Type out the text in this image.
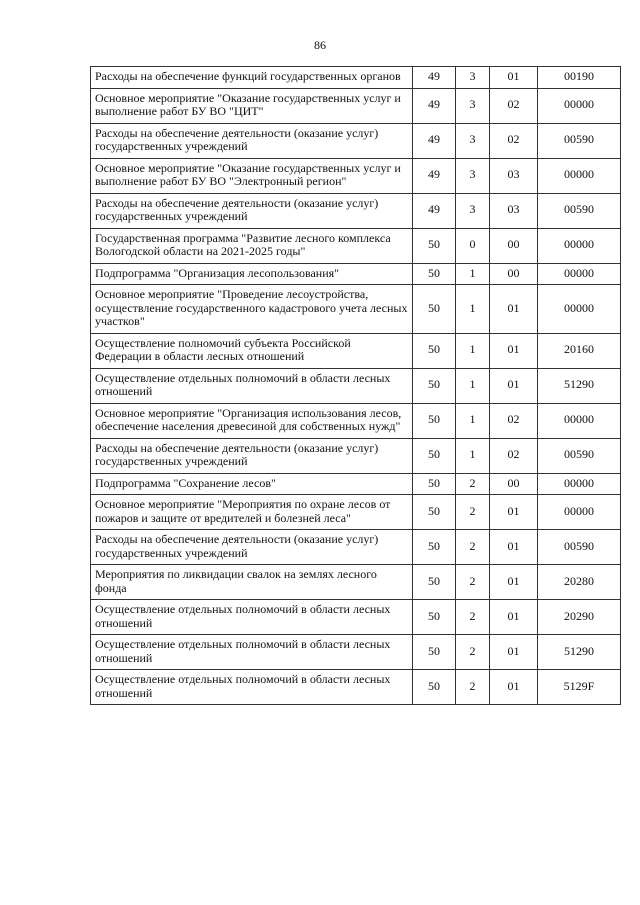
86
Расходы на обеспечение функций государственных органов	49	3	01	00190
Основное мероприятие "Оказание государственных услуг и выполнение работ БУ ВО "ЦИТ"	49	3	02	00000
Расходы на обеспечение деятельности (оказание услуг) государственных учреждений	49	3	02	00590
Основное мероприятие "Оказание государственных услуг и выполнение работ БУ ВО "Электронный регион"	49	3	03	00000
Расходы на обеспечение деятельности (оказание услуг) государственных учреждений	49	3	03	00590
Государственная программа "Развитие лесного комплекса Вологодской области на 2021-2025 годы"	50	0	00	00000
Подпрограмма "Организация лесопользования"	50	1	00	00000
Основное мероприятие "Проведение лесоустройства, осуществление государственного кадастрового учета лесных участков"	50	1	01	00000
Осуществление полномочий субъекта Российской Федерации в области лесных отношений	50	1	01	20160
Осуществление отдельных полномочий в области лесных отношений	50	1	01	51290
Основное мероприятие "Организация использования лесов, обеспечение населения древесиной для собственных нужд"	50	1	02	00000
Расходы на обеспечение деятельности (оказание услуг) государственных учреждений	50	1	02	00590
Подпрограмма "Сохранение лесов"	50	2	00	00000
Основное мероприятие "Мероприятия по охране лесов от пожаров и защите от вредителей и болезней леса"	50	2	01	00000
Расходы на обеспечение деятельности (оказание услуг) государственных учреждений	50	2	01	00590
Мероприятия по ликвидации свалок на землях лесного фонда	50	2	01	20280
Осуществление отдельных полномочий в области лесных отношений	50	2	01	20290
Осуществление отдельных полномочий в области лесных отношений	50	2	01	51290
Осуществление отдельных полномочий в области лесных отношений	50	2	01	5129F
